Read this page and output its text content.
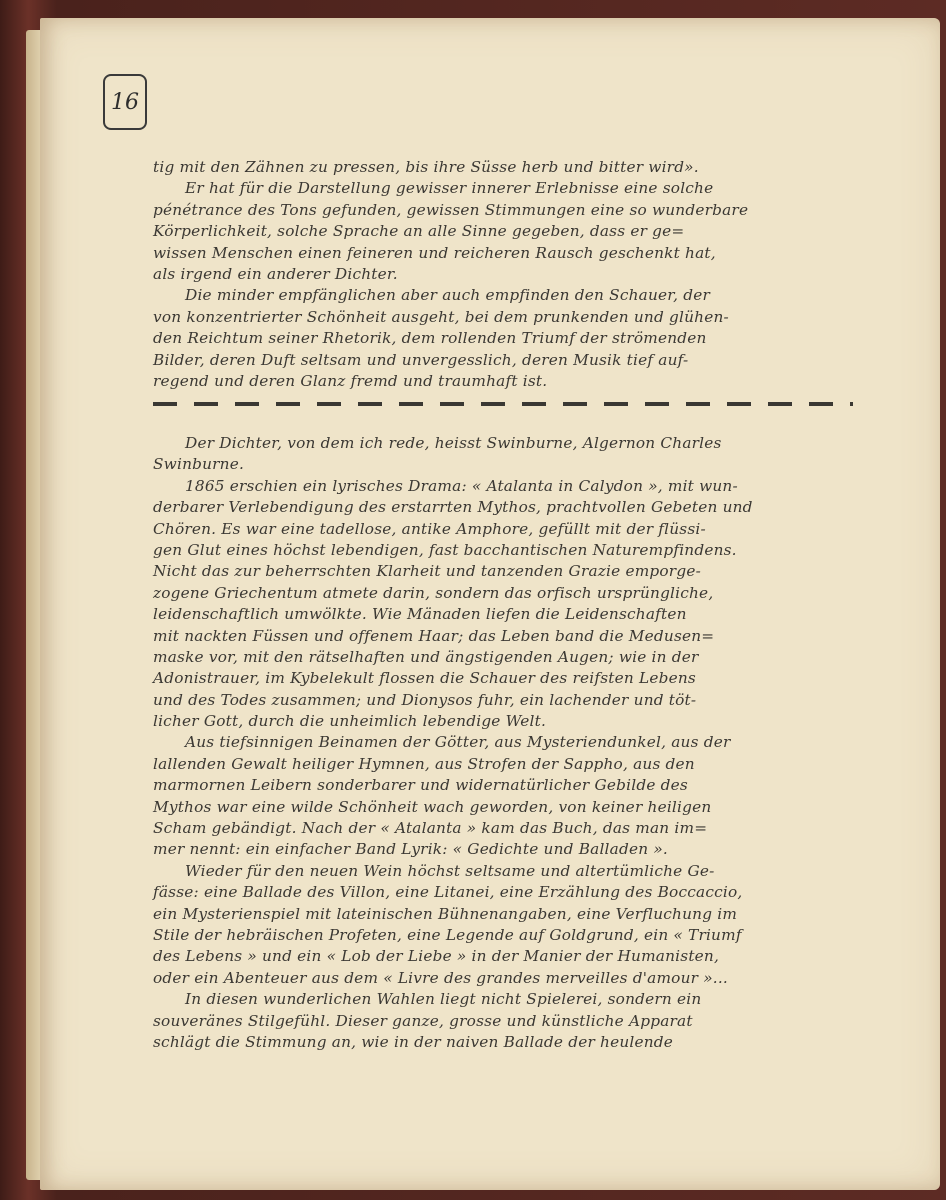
16
tig mit den Zähnen zu pressen, bis ihre Süsse herb und bitter wird».
Er hat für die Darstellung gewisser innerer Erlebnisse eine solche
pénétrance des Tons gefunden, gewissen Stimmungen eine so wunderbare
Körperlichkeit, solche Sprache an alle Sinne gegeben, dass er ge=
wissen Menschen einen feineren und reicheren Rausch geschenkt hat,
als irgend ein anderer Dichter.
Die minder empfänglichen aber auch empfinden den Schauer, der
von konzentrierter Schönheit ausgeht, bei dem prunkenden und glühen-
den Reichtum seiner Rhetorik, dem rollenden Triumf der strömenden
Bilder, deren Duft seltsam und unvergesslich, deren Musik tief auf-
regend und deren Glanz fremd und traumhaft ist.
Der Dichter, von dem ich rede, heisst Swinburne, Algernon Charles
Swinburne.
1865 erschien ein lyrisches Drama: « Atalanta in Calydon », mit wun-
derbarer Verlebendigung des erstarrten Mythos, prachtvollen Gebeten und
Chören. Es war eine tadellose, antike Amphore, gefüllt mit der flüssi-
gen Glut eines höchst lebendigen, fast bacchantischen Naturempfindens.
Nicht das zur beherrschten Klarheit und tanzenden Grazie emporge-
zogene Griechentum atmete darin, sondern das orfisch ursprüngliche,
leidenschaftlich umwölkte. Wie Mänaden liefen die Leidenschaften
mit nackten Füssen und offenem Haar; das Leben band die Medusen=
maske vor, mit den rätselhaften und ängstigenden Augen; wie in der
Adonistrauer, im Kybelekult flossen die Schauer des reifsten Lebens
und des Todes zusammen; und Dionysos fuhr, ein lachender und töt-
licher Gott, durch die unheimlich lebendige Welt.
Aus tiefsinnigen Beinamen der Götter, aus Mysteriendunkel, aus der
lallenden Gewalt heiliger Hymnen, aus Strofen der Sappho, aus den
marmornen Leibern sonderbarer und widernatürlicher Gebilde des
Mythos war eine wilde Schönheit wach geworden, von keiner heiligen
Scham gebändigt. Nach der « Atalanta » kam das Buch, das man im=
mer nennt: ein einfacher Band Lyrik: « Gedichte und Balladen ».
Wieder für den neuen Wein höchst seltsame und altertümliche Ge-
fässe: eine Ballade des Villon, eine Litanei, eine Erzählung des Boccaccio,
ein Mysterienspiel mit lateinischen Bühnenangaben, eine Verfluchung im
Stile der hebräischen Profeten, eine Legende auf Goldgrund, ein « Triumf
des Lebens » und ein « Lob der Liebe » in der Manier der Humanisten,
oder ein Abenteuer aus dem « Livre des grandes merveilles d'amour »...
In diesen wunderlichen Wahlen liegt nicht Spielerei, sondern ein
souveränes Stilgefühl. Dieser ganze, grosse und künstliche Apparat
schlägt die Stimmung an, wie in der naiven Ballade der heulende
